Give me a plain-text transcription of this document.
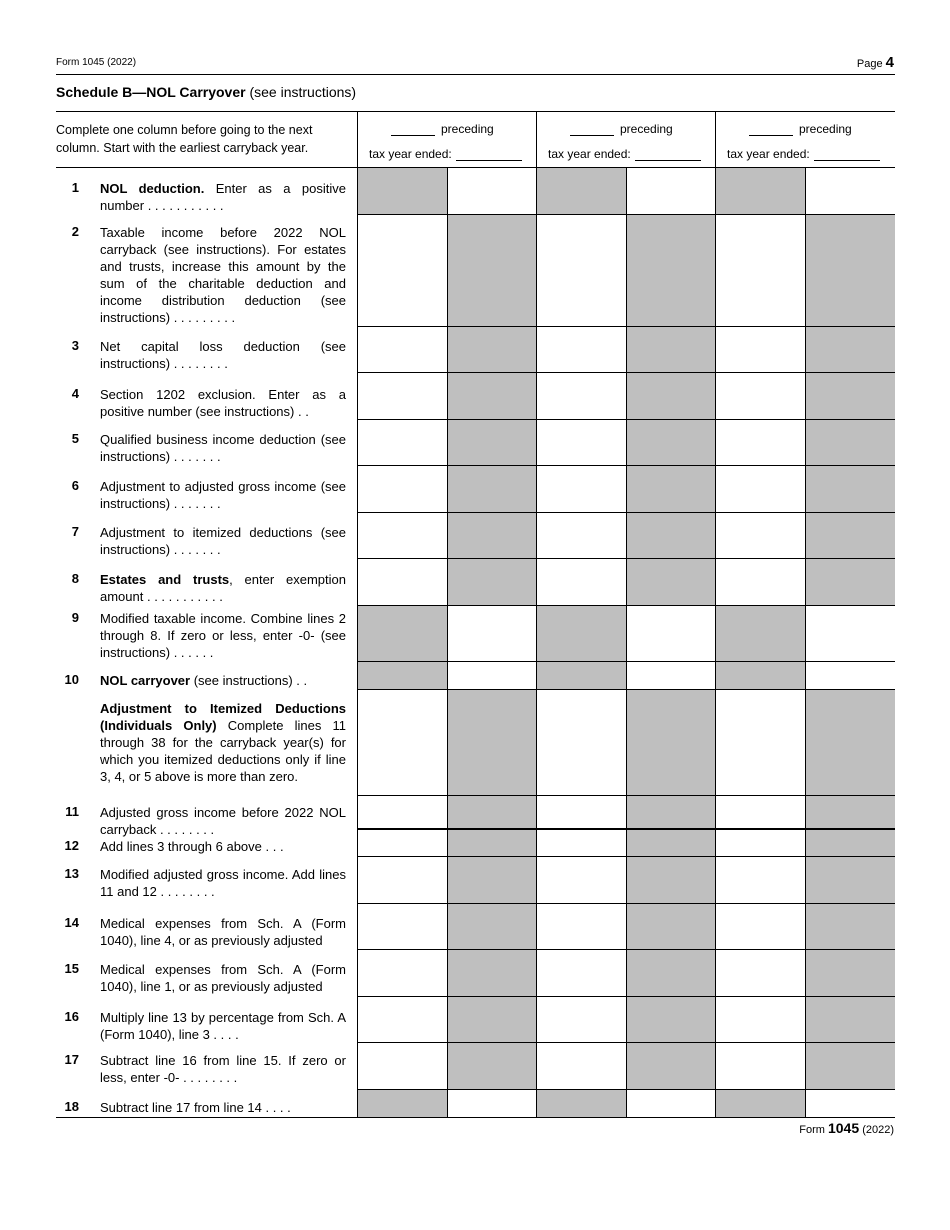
Form 1045 (2022)	Page 4
Schedule B—NOL Carryover (see instructions)
Complete one column before going to the next column. Start with the earliest carryback year.
preceding
tax year ended:
preceding
tax year ended:
preceding
tax year ended:
1 NOL deduction. Enter as a positive number . . . . . . . . . . .
2 Taxable income before 2022 NOL carryback (see instructions). For estates and trusts, increase this amount by the sum of the charitable deduction and income distribution deduction (see instructions) . . . . . . . . .
3 Net capital loss deduction (see instructions) . . . . . . . .
4 Section 1202 exclusion. Enter as a positive number (see instructions) . .
5 Qualified business income deduction (see instructions) . . . . . . .
6 Adjustment to adjusted gross income (see instructions) . . . . . . .
7 Adjustment to itemized deductions (see instructions) . . . . . . .
8 Estates and trusts, enter exemption amount . . . . . . . . . . .
9 Modified taxable income. Combine lines 2 through 8. If zero or less, enter -0- (see instructions) . . . . . .
10 NOL carryover (see instructions) . .
Adjustment to Itemized Deductions (Individuals Only) Complete lines 11 through 38 for the carryback year(s) for which you itemized deductions only if line 3, 4, or 5 above is more than zero.
11 Adjusted gross income before 2022 NOL carryback . . . . . . . .
12 Add lines 3 through 6 above . . .
13 Modified adjusted gross income. Add lines 11 and 12 . . . . . . . .
14 Medical expenses from Sch. A (Form 1040), line 4, or as previously adjusted
15 Medical expenses from Sch. A (Form 1040), line 1, or as previously adjusted
16 Multiply line 13 by percentage from Sch. A (Form 1040), line 3 . . . .
17 Subtract line 16 from line 15. If zero or less, enter -0- . . . . . . . .
18 Subtract line 17 from line 14 . . . .
Form 1045 (2022)
